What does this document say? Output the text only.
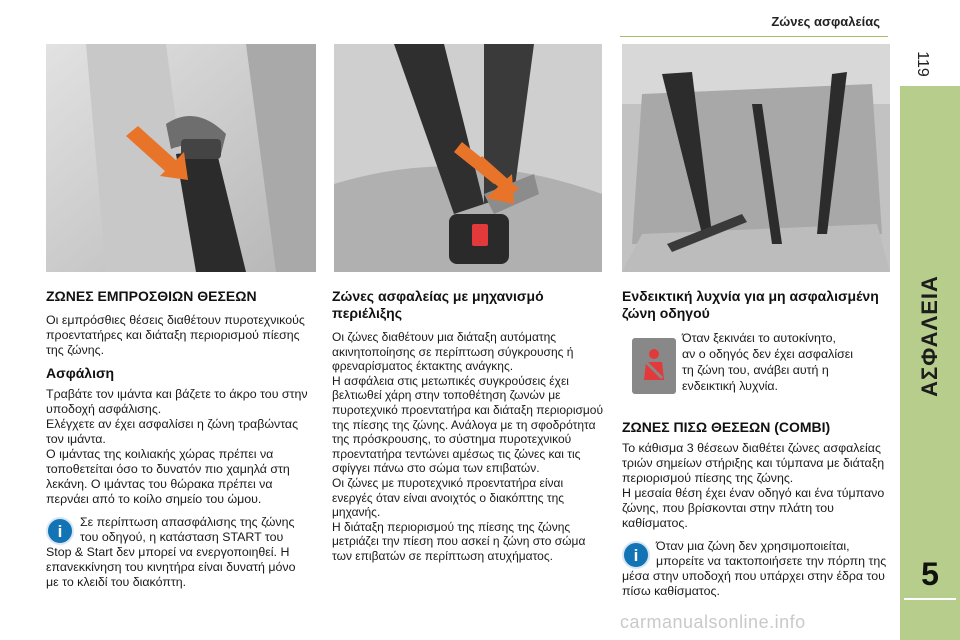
Ζώνες ασφαλείας
119
ΑΣΦΑΛΕΙΑ
5
ΖΩΝΕΣ ΕΜΠΡΟΣΘΙΩΝ ΘΕΣΕΩΝ

Οι εμπρόσθιες θέσεις διαθέτουν πυροτεχνικούς προεντατήρες και διάταξη περιορισμού πίεσης της ζώνης.

Ασφάλιση

Τραβάτε τον ιμάντα και βάζετε το άκρο του στην υποδοχή ασφάλισης.
Ελέγχετε αν έχει ασφαλίσει η ζώνη τραβώντας τον ιμάντα.
Ο ιμάντας της κοιλιακής χώρας πρέπει να τοποθετείται όσο το δυνατόν πιο χαμηλά στη λεκάνη. Ο ιμάντας του θώρακα πρέπει να περνάει από το κοίλο σημείο του ώμου.

i	Σε περίπτωση απασφάλισης της ζώνης του οδηγού, η κατάσταση START του Stop & Start δεν μπορεί να ενεργοποιηθεί. Η επανεκκίνηση του κινητήρα είναι δυνατή μόνο με το κλειδί του διακόπτη.

Ζώνες ασφαλείας με μηχανισμό περιέλιξης

Οι ζώνες διαθέτουν μια διάταξη αυτόματης ακινητοποίησης σε περίπτωση σύγκρουσης ή φρεναρίσματος έκτακτης ανάγκης.
Η ασφάλεια στις μετωπικές συγκρούσεις έχει βελτιωθεί χάρη στην τοποθέτηση ζωνών με πυροτεχνικό προεντατήρα και διάταξη περιορισμού της πίεσης της ζώνης. Ανάλογα με τη σφοδρότητα της πρόσκρουσης, το σύστημα πυροτεχνικού προεντατήρα τεντώνει αμέσως τις ζώνες και τις σφίγγει πάνω στο σώμα των επιβατών.
Οι ζώνες με πυροτεχνικό προεντατήρα είναι ενεργές όταν είναι ανοιχτός ο διακόπτης της μηχανής.
Η διάταξη περιορισμού της πίεσης της ζώνης μετριάζει την πίεση που ασκεί η ζώνη στο σώμα των επιβατών σε περίπτωση ατυχήματος.

Ενδεικτική λυχνία για μη ασφαλισμένη ζώνη οδηγού
Όταν ξεκινάει το αυτοκίνητο,
αν ο οδηγός δεν έχει ασφαλίσει
τη ζώνη του, ανάβει αυτή η
ενδεικτική λυχνία.
ΖΩΝΕΣ ΠΙΣΩ ΘΕΣΕΩΝ (COMBI)

Το κάθισμα 3 θέσεων διαθέτει ζώνες ασφαλείας τριών σημείων στήριξης και τύμπανα με διάταξη περιορισμού πίεσης της ζώνης.
Η μεσαία θέση έχει έναν οδηγό και ένα τύμπανο ζώνης, που βρίσκονται στην πλάτη του καθίσματος.

i	Όταν μια ζώνη δεν χρησιμοποιείται, μπορείτε να τακτοποιήσετε την πόρπη της μέσα στην υποδοχή που υπάρχει στην έδρα του πίσω καθίσματος.

carmanualsonline.info
